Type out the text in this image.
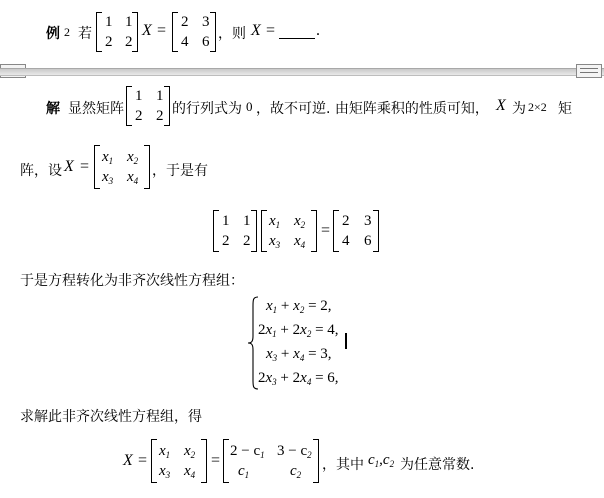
例 2 若
1 1
2 2
X = 2 3
4 6 ，则 X =	.
解 显然矩阵
1 1
2 2 的行列式为 0 ，故不可逆. 由矩阵乘积的性质可知， X 为 2×2 矩
阵，设 X =
$x_1$ $x_2$
$x_3$ $x_4$
，于是有
1 1
2 2
$x_1$ $x_2$
$x_3$ $x_4$
=
2 3
4 6
于是方程转化为非齐次线性方程组：
$x_1 + x_2 = 2$,
$2x_1 + 2x_2 = 4$,
$x_3 + x_4 = 3$,
$2x_3 + 2x_4 = 6$,
求解此非齐次线性方程组，得
X =
$x_1$ $x_2$
$x_3$ $x_4$
=
$2 - c_1$ $3 - c_2$
$c_1$	$c_2$
，其中 $c_1,c_2$ 为任意常数.
